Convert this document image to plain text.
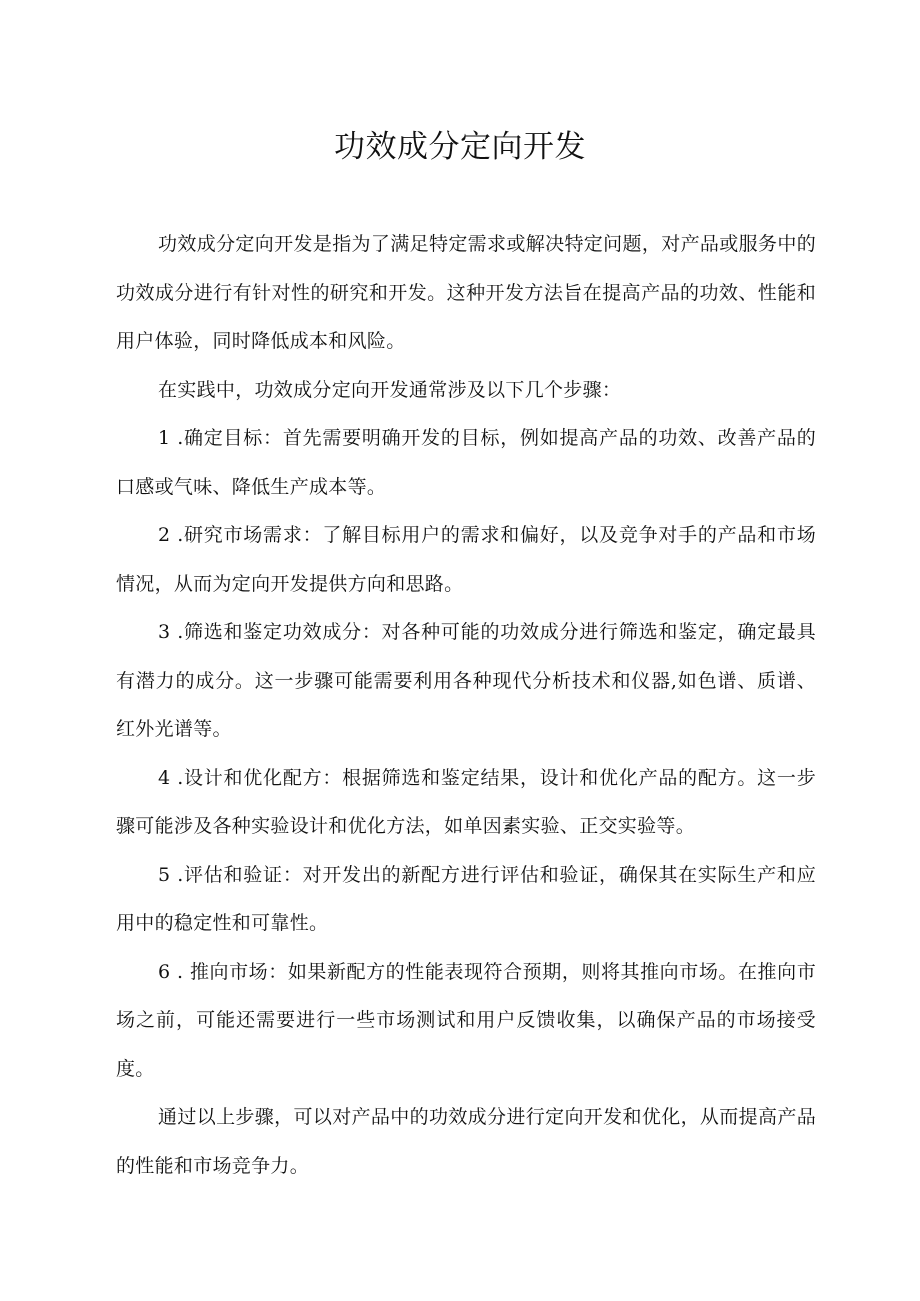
功效成分定向开发

功效成分定向开发是指为了满足特定需求或解决特定问题，对产品或服务中的功效成分进行有针对性的研究和开发。这种开发方法旨在提高产品的功效、性能和用户体验，同时降低成本和风险。

在实践中，功效成分定向开发通常涉及以下几个步骤：

1 .确定目标：首先需要明确开发的目标，例如提高产品的功效、改善产品的口感或气味、降低生产成本等。

2 .研究市场需求：了解目标用户的需求和偏好，以及竞争对手的产品和市场情况，从而为定向开发提供方向和思路。

3 .筛选和鉴定功效成分：对各种可能的功效成分进行筛选和鉴定，确定最具有潜力的成分。这一步骤可能需要利用各种现代分析技术和仪器,如色谱、质谱、红外光谱等。

4 .设计和优化配方：根据筛选和鉴定结果，设计和优化产品的配方。这一步骤可能涉及各种实验设计和优化方法，如单因素实验、正交实验等。

5 .评估和验证：对开发出的新配方进行评估和验证，确保其在实际生产和应用中的稳定性和可靠性。

6 . 推向市场：如果新配方的性能表现符合预期，则将其推向市场。在推向市场之前，可能还需要进行一些市场测试和用户反馈收集，以确保产品的市场接受度。

通过以上步骤，可以对产品中的功效成分进行定向开发和优化，从而提高产品的性能和市场竞争力。
